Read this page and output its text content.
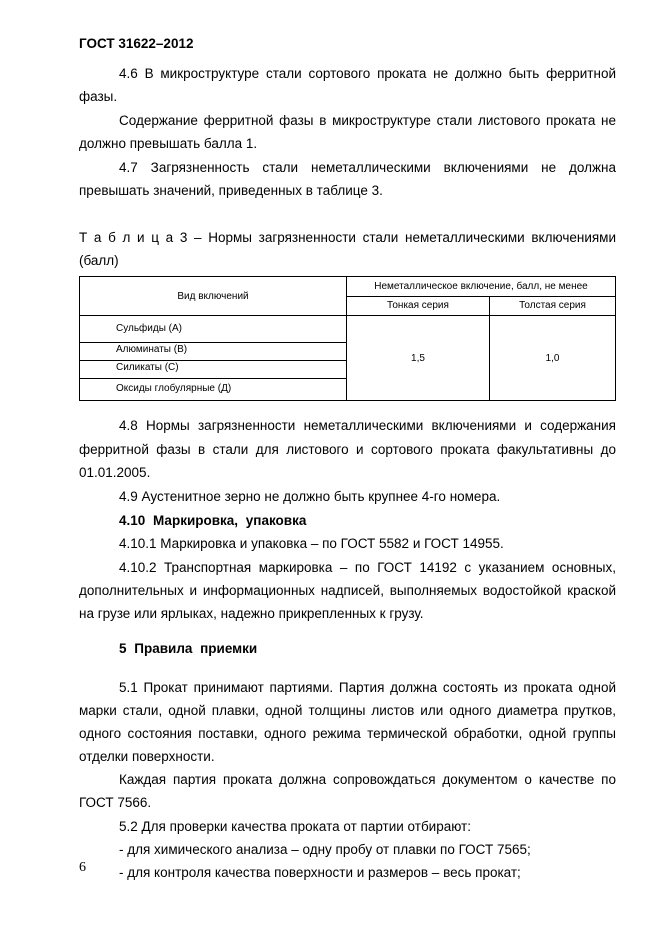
ГОСТ 31622–2012
4.6 В микроструктуре стали сортового проката не должно быть ферритной
фазы.
Содержание ферритной фазы в микроструктуре стали листового проката не
должно превышать балла 1.
4.7 Загрязненность стали неметаллическими включениями не должна
превышать значений, приведенных в таблице 3.
Т а б л и ц а 3 – Нормы загрязненности стали неметаллическими включениями
(балл)
Вид включений	Неметаллическое включение, балл, не менее	
	Тонкая серия	Толстая серия

Сульфиды (А)
Алюминаты (В)
Силикаты (С)
Оксиды глобулярные (Д)	1,5	1,0
4.8 Нормы загрязненности неметаллическими включениями и содержания
ферритной фазы в стали для листового и сортового проката факультативны до
01.01.2005.
4.9 Аустенитное зерно не должно быть крупнее 4-го номера.
4.10 Маркировка, упаковка
4.10.1 Маркировка и упаковка – по ГОСТ 5582 и ГОСТ 14955.
4.10.2 Транспортная маркировка – по ГОСТ 14192 с указанием основных,
дополнительных и информационных надписей, выполняемых водостойкой краской
на грузе или ярлыках, надежно прикрепленных к грузу.
5 Правила приемки
5.1 Прокат принимают партиями. Партия должна состоять из проката одной
марки стали, одной плавки, одной толщины листов или одного диаметра прутков,
одного состояния поставки, одного режима термической обработки, одной группы
отделки поверхности.
Каждая партия проката должна сопровождаться документом о качестве по
ГОСТ 7566.
5.2 Для проверки качества проката от партии отбирают:
- для химического анализа – одну пробу от плавки по ГОСТ 7565;
- для контроля качества поверхности и размеров – весь прокат;
6
